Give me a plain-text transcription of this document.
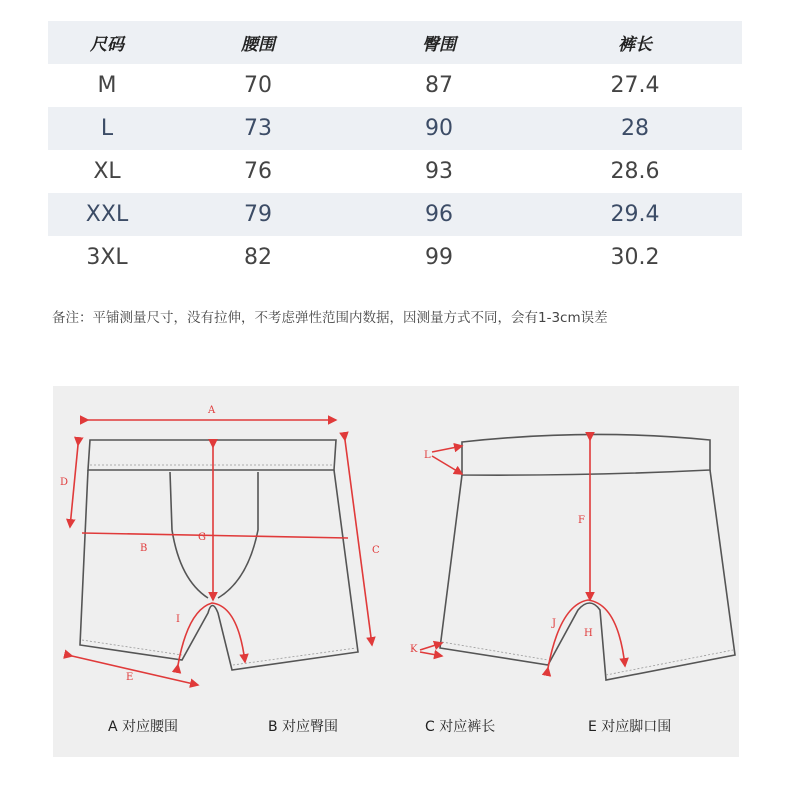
尺码	腰围	臀围	裤长
M	70	87	27.4
L	73	90	28
XL	76	93	28.6
XXL	79	96	29.4
3XL	82	99	30.2
备注：平铺测量尺寸，没有拉伸，不考虑弹性范围内数据，因测量方式不同，会有1-3cm误差
A
D
B
G
C
E
I
L
F
H
J
K
A 对应腰围	B 对应臀围	C 对应裤长	E 对应脚口围
